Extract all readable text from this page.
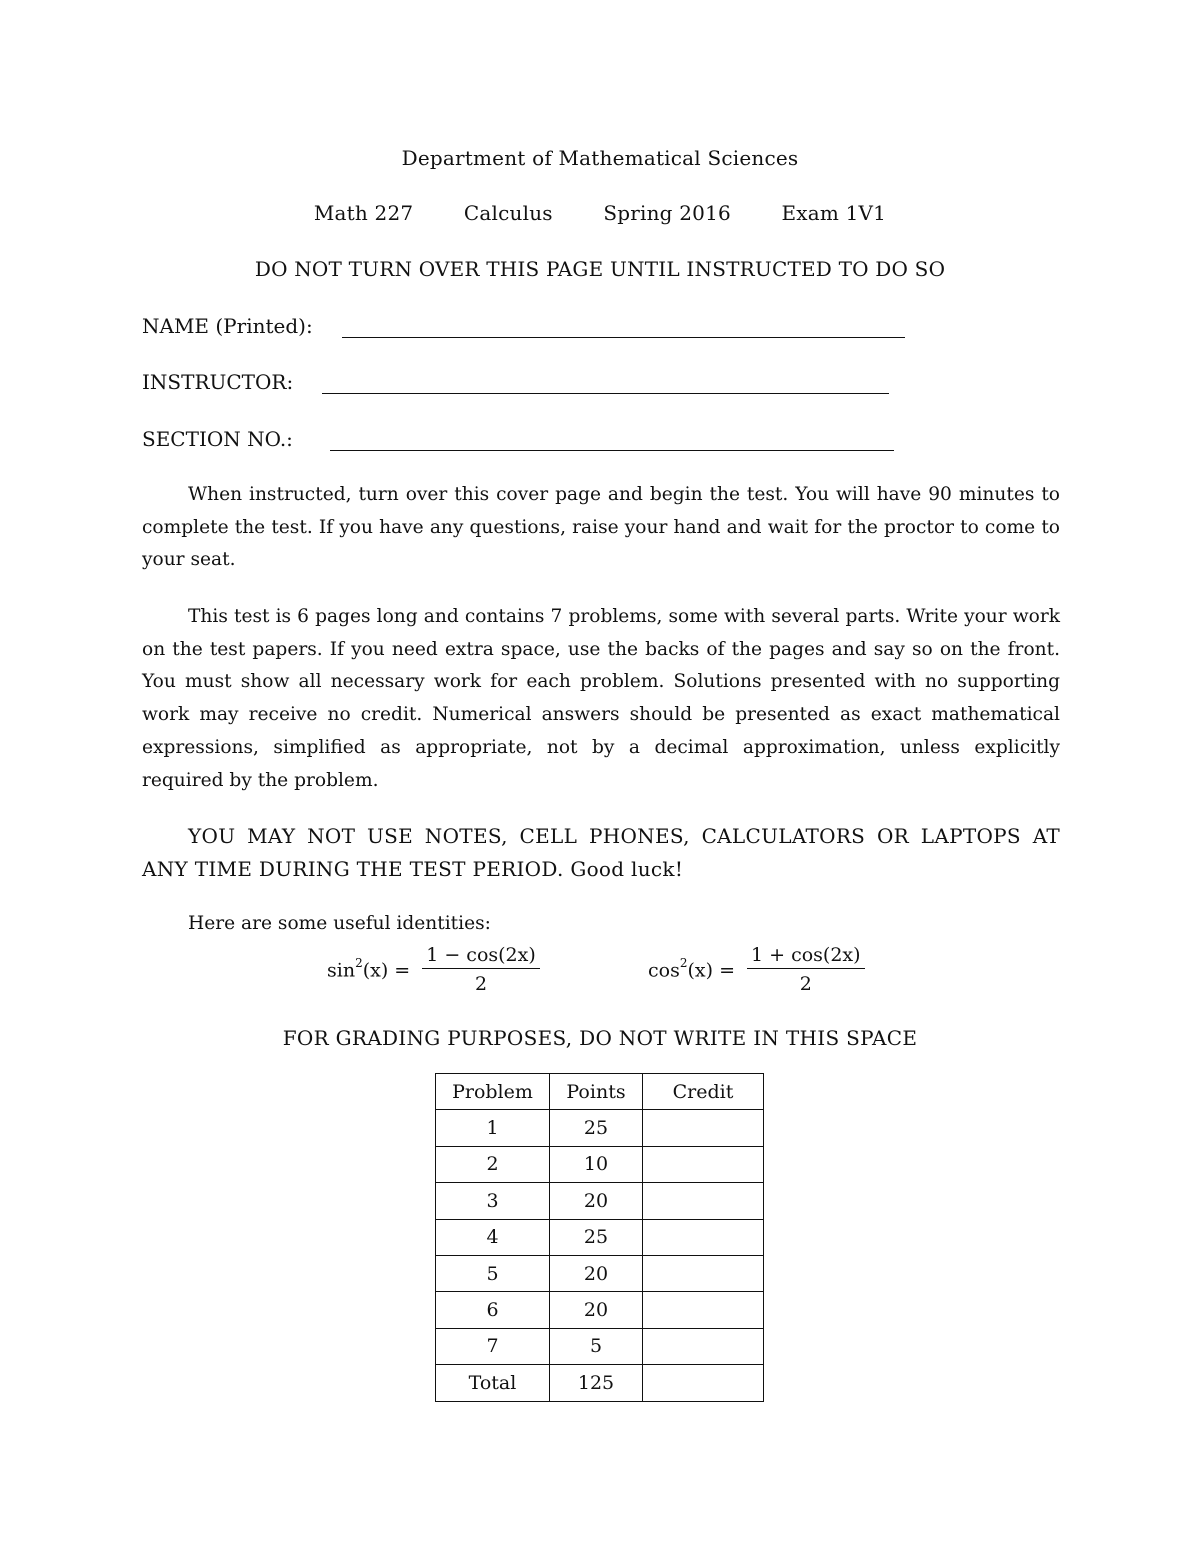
Department of Mathematical Sciences
Math 227	Calculus	Spring 2016	Exam 1V1
DO NOT TURN OVER THIS PAGE UNTIL INSTRUCTED TO DO SO
NAME (Printed):
INSTRUCTOR:
SECTION NO.:
When instructed, turn over this cover page and begin the test. You will have 90 minutes to complete the test. If you have any questions, raise your hand and wait for the proctor to come to your seat.
This test is 6 pages long and contains 7 problems, some with several parts. Write your work on the test papers. If you need extra space, use the backs of the pages and say so on the front. You must show all necessary work for each problem. Solutions presented with no supporting work may receive no credit. Numerical answers should be presented as exact mathematical expressions, simplified as appropriate, not by a decimal approximation, unless explicitly required by the problem.
YOU MAY NOT USE NOTES, CELL PHONES, CALCULATORS OR LAPTOPS AT ANY TIME DURING THE TEST PERIOD. Good luck!
Here are some useful identities:
$\sin^2(x) = \frac{1 - \cos(2x)}{2}$	$\cos^2(x) = \frac{1 + \cos(2x)}{2}$
FOR GRADING PURPOSES, DO NOT WRITE IN THIS SPACE
Problem	Points	Credit
1	25	
2	10	
3	20	
4	25	
5	20	
6	20	
7	5	
Total	125	
